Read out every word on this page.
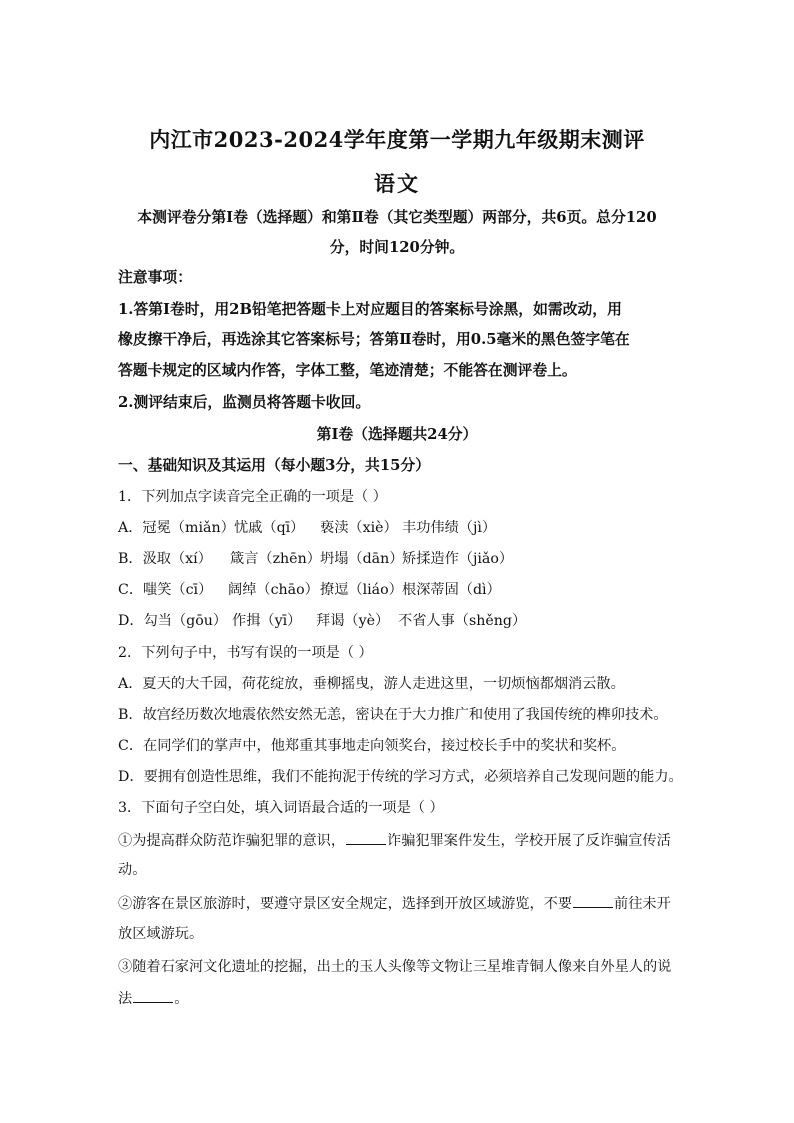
内江市2023-2024学年度第一学期九年级期末测评
语文
本测评卷分第Ⅰ卷（选择题）和第Ⅱ卷（其它类型题）两部分，共6页。总分120
分，时间120分钟。
注意事项：
1.答第Ⅰ卷时，用2B铅笔把答题卡上对应题目的答案标号涂黑，如需改动，用
橡皮擦干净后，再选涂其它答案标号；答第Ⅱ卷时，用0.5毫米的黑色签字笔在
答题卡规定的区域内作答，字体工整，笔迹清楚；不能答在测评卷上。
2.测评结束后，监测员将答题卡收回。
第Ⅰ卷（选择题共24分）
一、基础知识及其运用（每小题3分，共15分）
1．下列加点字读音完全正确的一项是（ ）
A．冠冕（miǎn）忧戚（qī） 亵渎（xiè） 丰功伟绩（jì）
B．汲取（xí） 箴言（zhēn）坍塌（dān）矫揉造作（jiǎo）
C．嗤笑（cī） 阔绰（chāo）撩逗（liáo）根深蒂固（dì）
D．勾当（gōu） 作揖（yī） 拜谒（yè） 不省人事（shěng）
2．下列句子中，书写有误的一项是（ ）
A．夏天的大千园，荷花绽放，垂柳摇曳，游人走进这里，一切烦恼都烟消云散。
B．故宫经历数次地震依然安然无恙，密诀在于大力推广和使用了我国传统的榫卯技术。
C．在同学们的掌声中，他郑重其事地走向领奖台，接过校长手中的奖状和奖杯。
D．要拥有创造性思维，我们不能拘泥于传统的学习方式，必须培养自己发现问题的能力。
3．下面句子空白处，填入词语最合适的一项是（ ）
①为提高群众防范诈骗犯罪的意识，	诈骗犯罪案件发生，学校开展了反诈骗宣传活
动。
②游客在景区旅游时，要遵守景区安全规定，选择到开放区域游览，不要	前往未开
放区域游玩。
③随着石家河文化遗址的挖掘，出土的玉人头像等文物让三星堆青铜人像来自外星人的说
法	。
